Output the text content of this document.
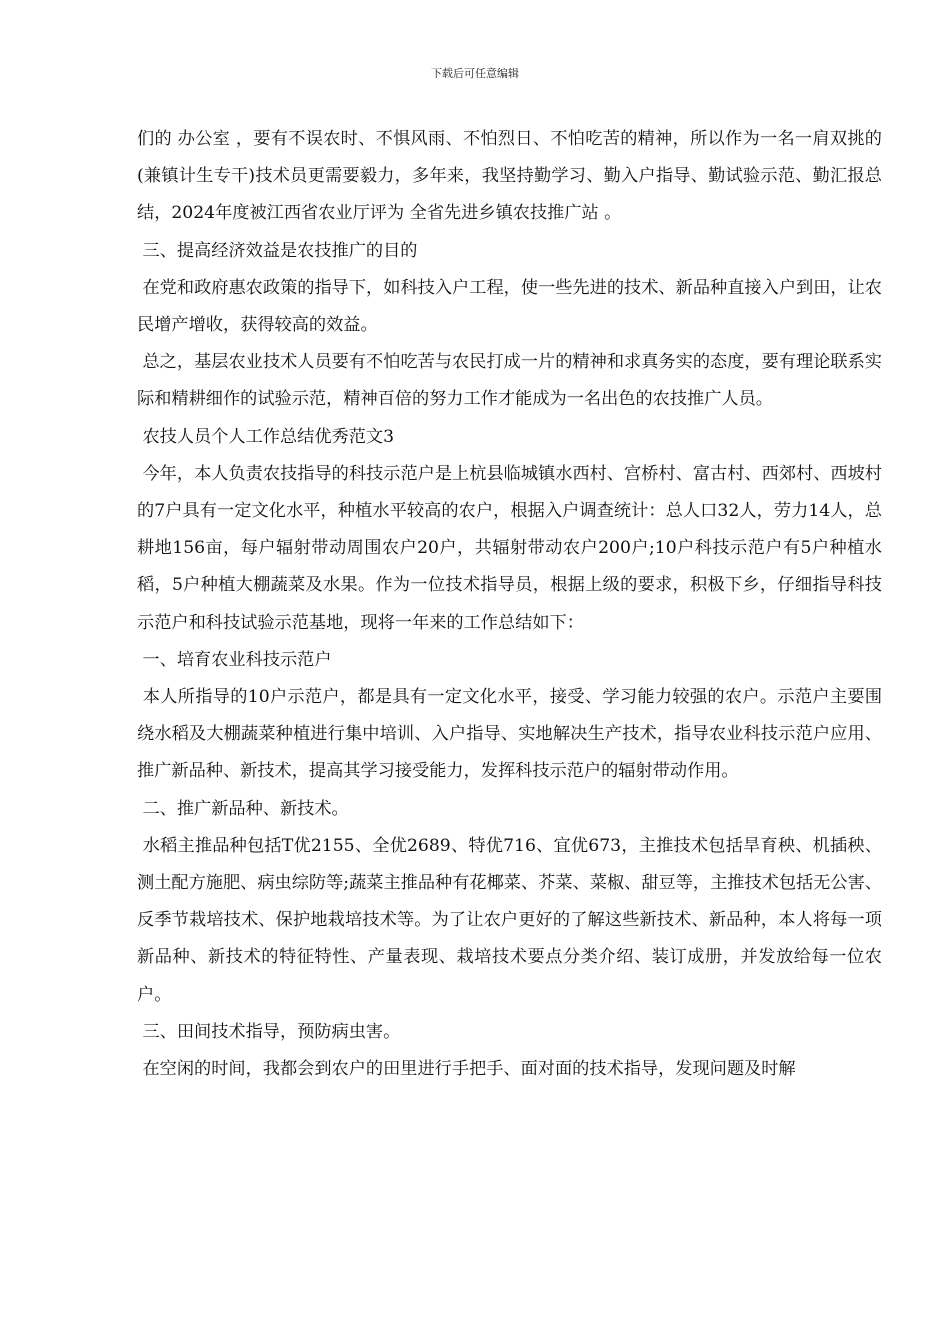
下载后可任意编辑

们的 办公室 ，要有不误农时、不惧风雨、不怕烈日、不怕吃苦的精神，所以作为一名一肩双挑的(兼镇计生专干)技术员更需要毅力，多年来，我坚持勤学习、勤入户指导、勤试验示范、勤汇报总结，2024年度被江西省农业厅评为 全省先进乡镇农技推广站 。

三、提高经济效益是农技推广的目的

在党和政府惠农政策的指导下，如科技入户工程，使一些先进的技术、新品种直接入户到田，让农民增产增收，获得较高的效益。

总之，基层农业技术人员要有不怕吃苦与农民打成一片的精神和求真务实的态度，要有理论联系实际和精耕细作的试验示范，精神百倍的努力工作才能成为一名出色的农技推广人员。

农技人员个人工作总结优秀范文3

今年，本人负责农技指导的科技示范户是上杭县临城镇水西村、宫桥村、富古村、西郊村、西坡村的7户具有一定文化水平，种植水平较高的农户，根据入户调查统计：总人口32人，劳力14人，总耕地156亩，每户辐射带动周围农户20户，共辐射带动农户200户;10户科技示范户有5户种植水稻，5户种植大棚蔬菜及水果。作为一位技术指导员，根据上级的要求，积极下乡，仔细指导科技示范户和科技试验示范基地，现将一年来的工作总结如下：

一、培育农业科技示范户

本人所指导的10户示范户，都是具有一定文化水平，接受、学习能力较强的农户。示范户主要围绕水稻及大棚蔬菜种植进行集中培训、入户指导、实地解决生产技术，指导农业科技示范户应用、推广新品种、新技术，提高其学习接受能力，发挥科技示范户的辐射带动作用。

二、推广新品种、新技术。

水稻主推品种包括T优2155、全优2689、特优716、宜优673，主推技术包括旱育秧、机插秧、测土配方施肥、病虫综防等;蔬菜主推品种有花椰菜、芥菜、菜椒、甜豆等，主推技术包括无公害、反季节栽培技术、保护地栽培技术等。为了让农户更好的了解这些新技术、新品种，本人将每一项新品种、新技术的特征特性、产量表现、栽培技术要点分类介绍、装订成册，并发放给每一位农户。

三、田间技术指导，预防病虫害。

在空闲的时间，我都会到农户的田里进行手把手、面对面的技术指导，发现问题及时解
